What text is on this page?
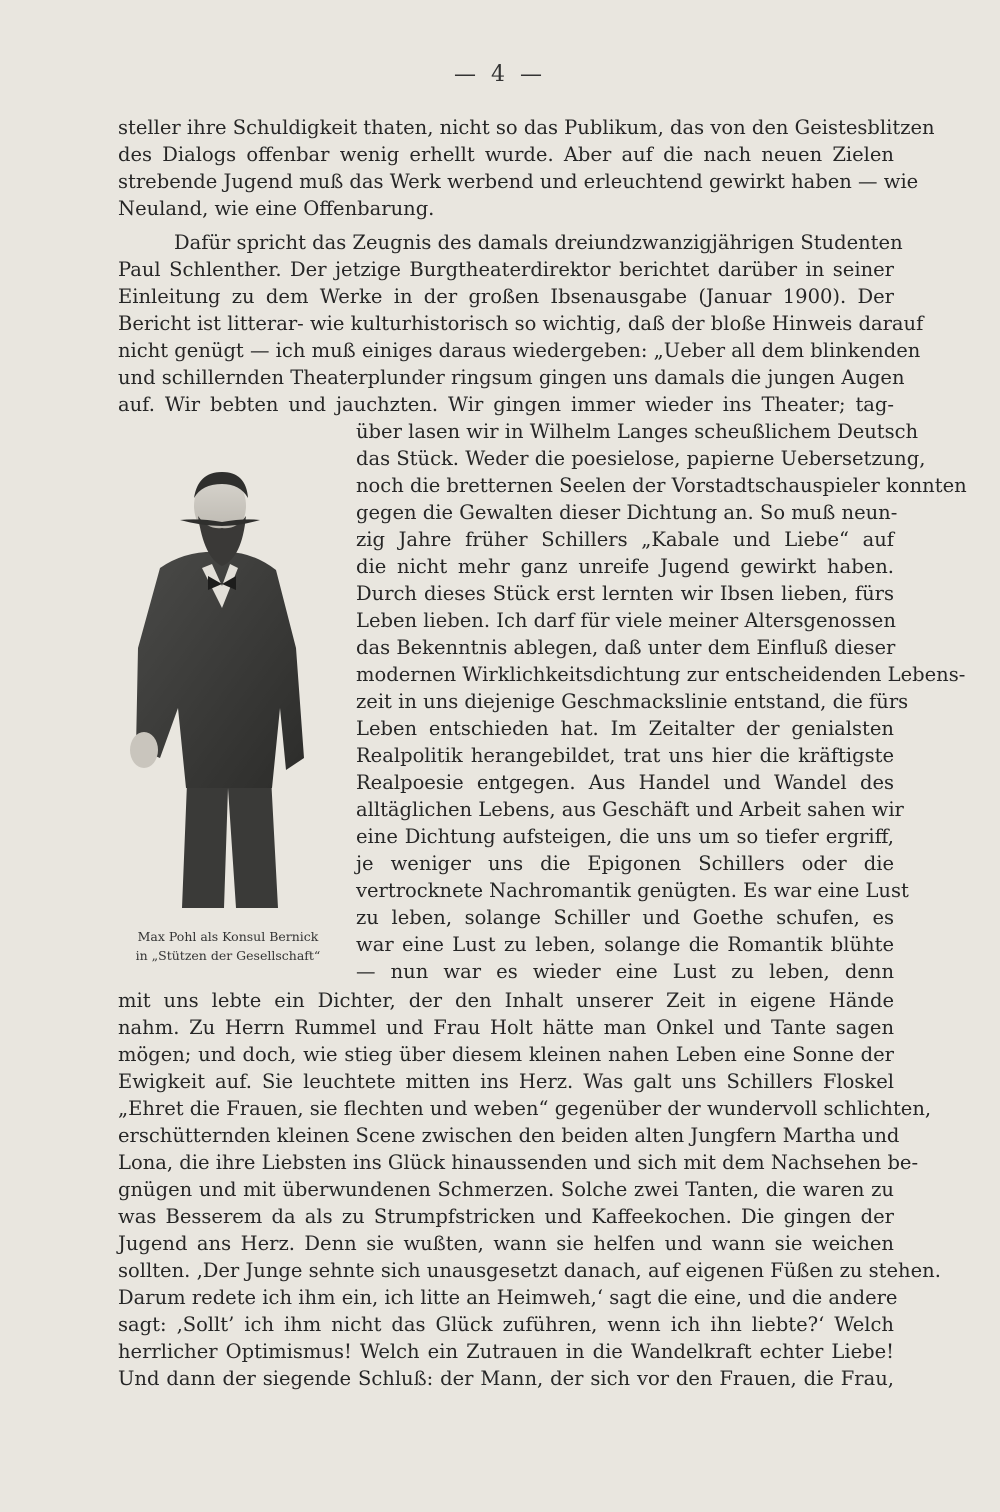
— 4 —

steller ihre Schuldigkeit thaten, nicht so das Publikum, das von den Geistesblitzen

des Dialogs offenbar wenig erhellt wurde. Aber auf die nach neuen Zielen

strebende Jugend muß das Werk werbend und erleuchtend gewirkt haben — wie

Neuland, wie eine Offenbarung.

Dafür spricht das Zeugnis des damals dreiundzwanzigjährigen Studenten

Paul Schlenther. Der jetzige Burgtheaterdirektor berichtet darüber in seiner

Einleitung zu dem Werke in der großen Ibsenausgabe (Januar 1900). Der

Bericht ist litterar- wie kulturhistorisch so wichtig, daß der bloße Hinweis darauf

nicht genügt — ich muß einiges daraus wiedergeben: „Ueber all dem blinkenden

und schillernden Theaterplunder ringsum gingen uns damals die jungen Augen

auf. Wir bebten und jauchzten. Wir gingen immer wieder ins Theater; tag-

über lasen wir in Wilhelm Langes scheußlichem Deutsch

das Stück. Weder die poesielose, papierne Uebersetzung,

noch die bretternen Seelen der Vorstadtschauspieler konnten

gegen die Gewalten dieser Dichtung an. So muß neun-

zig Jahre früher Schillers „Kabale und Liebe“ auf

die nicht mehr ganz unreife Jugend gewirkt haben.

Durch dieses Stück erst lernten wir Ibsen lieben, fürs

Leben lieben. Ich darf für viele meiner Altersgenossen

das Bekenntnis ablegen, daß unter dem Einfluß dieser

modernen Wirklichkeitsdichtung zur entscheidenden Lebens-

zeit in uns diejenige Geschmackslinie entstand, die fürs

Leben entschieden hat. Im Zeitalter der genialsten

Realpolitik herangebildet, trat uns hier die kräftigste

Realpoesie entgegen. Aus Handel und Wandel des

alltäglichen Lebens, aus Geschäft und Arbeit sahen wir

eine Dichtung aufsteigen, die uns um so tiefer ergriff,

je weniger uns die Epigonen Schillers oder die

vertrocknete Nachromantik genügten. Es war eine Lust

zu leben, solange Schiller und Goethe schufen, es

war eine Lust zu leben, solange die Romantik blühte

— nun war es wieder eine Lust zu leben, denn

mit uns lebte ein Dichter, der den Inhalt unserer Zeit in eigene Hände

nahm. Zu Herrn Rummel und Frau Holt hätte man Onkel und Tante sagen

mögen; und doch, wie stieg über diesem kleinen nahen Leben eine Sonne der

Ewigkeit auf. Sie leuchtete mitten ins Herz. Was galt uns Schillers Floskel

„Ehret die Frauen, sie flechten und weben“ gegenüber der wundervoll schlichten,

erschütternden kleinen Scene zwischen den beiden alten Jungfern Martha und

Lona, die ihre Liebsten ins Glück hinaussenden und sich mit dem Nachsehen be-

gnügen und mit überwundenen Schmerzen. Solche zwei Tanten, die waren zu

was Besserem da als zu Strumpfstricken und Kaffeekochen. Die gingen der

Jugend ans Herz. Denn sie wußten, wann sie helfen und wann sie weichen

sollten. ‚Der Junge sehnte sich unausgesetzt danach, auf eigenen Füßen zu stehen.

Darum redete ich ihm ein, ich litte an Heimweh,‘ sagt die eine, und die andere

sagt: ‚Sollt’ ich ihm nicht das Glück zuführen, wenn ich ihn liebte?‘ Welch

herrlicher Optimismus! Welch ein Zutrauen in die Wandelkraft echter Liebe!

Und dann der siegende Schluß: der Mann, der sich vor den Frauen, die Frau,

Max Pohl als Konsul Bernick

in „Stützen der Gesellschaft“
